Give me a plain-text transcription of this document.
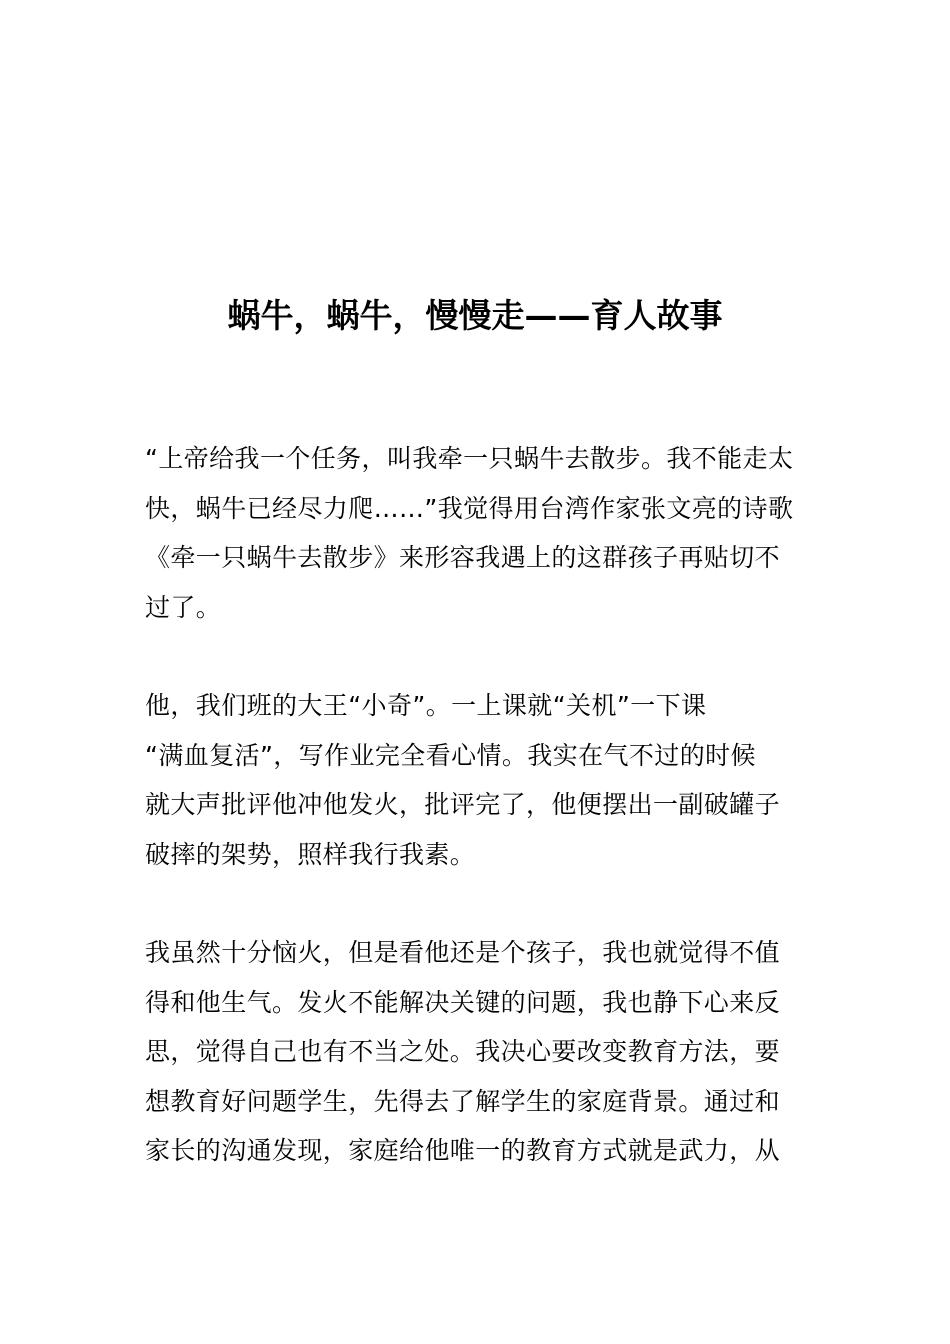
蜗牛，蜗牛，慢慢走——育人故事

“上帝给我一个任务，叫我牵一只蜗牛去散步。我不能走太
快，蜗牛已经尽力爬……”我觉得用台湾作家张文亮的诗歌
《牵一只蜗牛去散步》来形容我遇上的这群孩子再贴切不
过了。

他，我们班的大王“小奇”。一上课就“关机”一下课
“满血复活”，写作业完全看心情。我实在气不过的时候
就大声批评他冲他发火，批评完了，他便摆出一副破罐子
破摔的架势，照样我行我素。

我虽然十分恼火，但是看他还是个孩子，我也就觉得不值
得和他生气。发火不能解决关键的问题，我也静下心来反
思，觉得自己也有不当之处。我决心要改变教育方法，要
想教育好问题学生，先得去了解学生的家庭背景。通过和
家长的沟通发现，家庭给他唯一的教育方式就是武力，从
